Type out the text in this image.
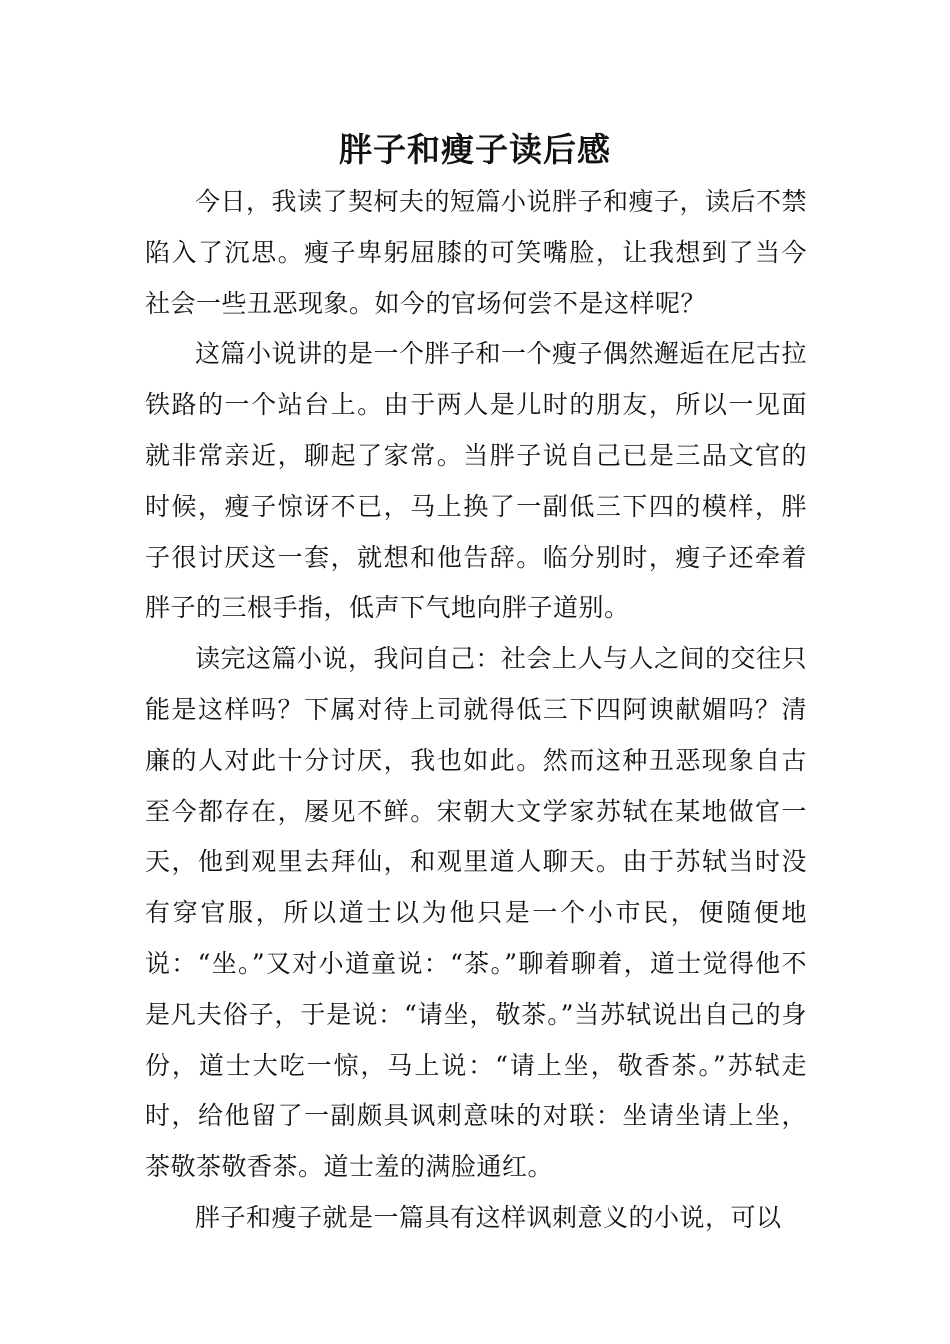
胖子和瘦子读后感

今日，我读了契柯夫的短篇小说胖子和瘦子，读后不禁陷入了沉思。瘦子卑躬屈膝的可笑嘴脸，让我想到了当今社会一些丑恶现象。如今的官场何尝不是这样呢？

这篇小说讲的是一个胖子和一个瘦子偶然邂逅在尼古拉铁路的一个站台上。由于两人是儿时的朋友，所以一见面就非常亲近，聊起了家常。当胖子说自己已是三品文官的时候，瘦子惊讶不已，马上换了一副低三下四的模样，胖子很讨厌这一套，就想和他告辞。临分别时，瘦子还牵着胖子的三根手指，低声下气地向胖子道别。

读完这篇小说，我问自己：社会上人与人之间的交往只能是这样吗？下属对待上司就得低三下四阿谀献媚吗？清廉的人对此十分讨厌，我也如此。然而这种丑恶现象自古至今都存在，屡见不鲜。宋朝大文学家苏轼在某地做官一天，他到观里去拜仙，和观里道人聊天。由于苏轼当时没有穿官服，所以道士以为他只是一个小市民，便随便地说：“坐。”又对小道童说：“茶。”聊着聊着，道士觉得他不是凡夫俗子，于是说：“请坐，敬茶。”当苏轼说出自己的身份，道士大吃一惊，马上说：“请上坐，敬香茶。”苏轼走时，给他留了一副颇具讽刺意味的对联：坐请坐请上坐，茶敬茶敬香茶。道士羞的满脸通红。

胖子和瘦子就是一篇具有这样讽刺意义的小说，可以
